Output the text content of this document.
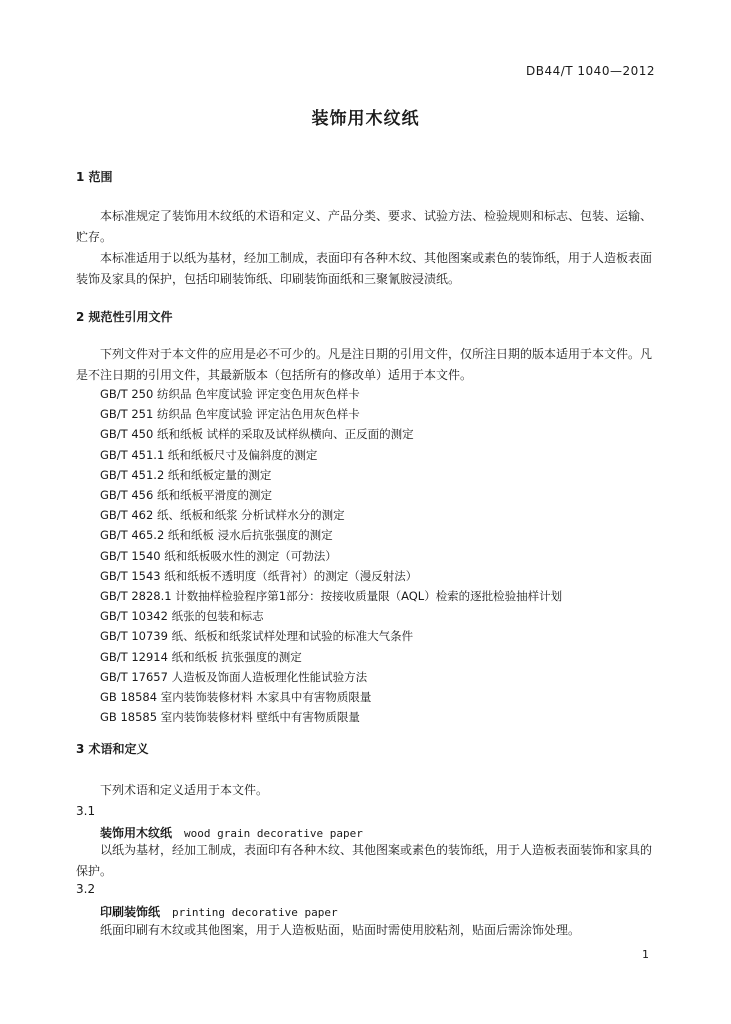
DB44/T 1040—2012
装饰用木纹纸
1 范围
本标准规定了装饰用木纹纸的术语和定义、产品分类、要求、试验方法、检验规则和标志、包装、运输、贮存。
本标准适用于以纸为基材，经加工制成，表面印有各种木纹、其他图案或素色的装饰纸，用于人造板表面装饰及家具的保护，包括印刷装饰纸、印刷装饰面纸和三聚氰胺浸渍纸。
2 规范性引用文件
下列文件对于本文件的应用是必不可少的。凡是注日期的引用文件，仅所注日期的版本适用于本文件。凡是不注日期的引用文件，其最新版本（包括所有的修改单）适用于本文件。
GB/T 250 纺织品 色牢度试验 评定变色用灰色样卡
GB/T 251 纺织品 色牢度试验 评定沾色用灰色样卡
GB/T 450 纸和纸板 试样的采取及试样纵横向、正反面的测定
GB/T 451.1 纸和纸板尺寸及偏斜度的测定
GB/T 451.2 纸和纸板定量的测定
GB/T 456 纸和纸板平滑度的测定
GB/T 462 纸、纸板和纸浆 分析试样水分的测定
GB/T 465.2 纸和纸板 浸水后抗张强度的测定
GB/T 1540 纸和纸板吸水性的测定（可勃法）
GB/T 1543 纸和纸板不透明度（纸背衬）的测定（漫反射法）
GB/T 2828.1 计数抽样检验程序第1部分：按接收质量限（AQL）检索的逐批检验抽样计划
GB/T 10342 纸张的包装和标志
GB/T 10739 纸、纸板和纸浆试样处理和试验的标准大气条件
GB/T 12914 纸和纸板 抗张强度的测定
GB/T 17657 人造板及饰面人造板理化性能试验方法
GB 18584 室内装饰装修材料 木家具中有害物质限量
GB 18585 室内装饰装修材料 壁纸中有害物质限量
3 术语和定义
下列术语和定义适用于本文件。
3.1
装饰用木纹纸 wood grain decorative paper
以纸为基材，经加工制成，表面印有各种木纹、其他图案或素色的装饰纸，用于人造板表面装饰和家具的保护。
3.2
印刷装饰纸 printing decorative paper
纸面印刷有木纹或其他图案，用于人造板贴面，贴面时需使用胶粘剂，贴面后需涂饰处理。
1
